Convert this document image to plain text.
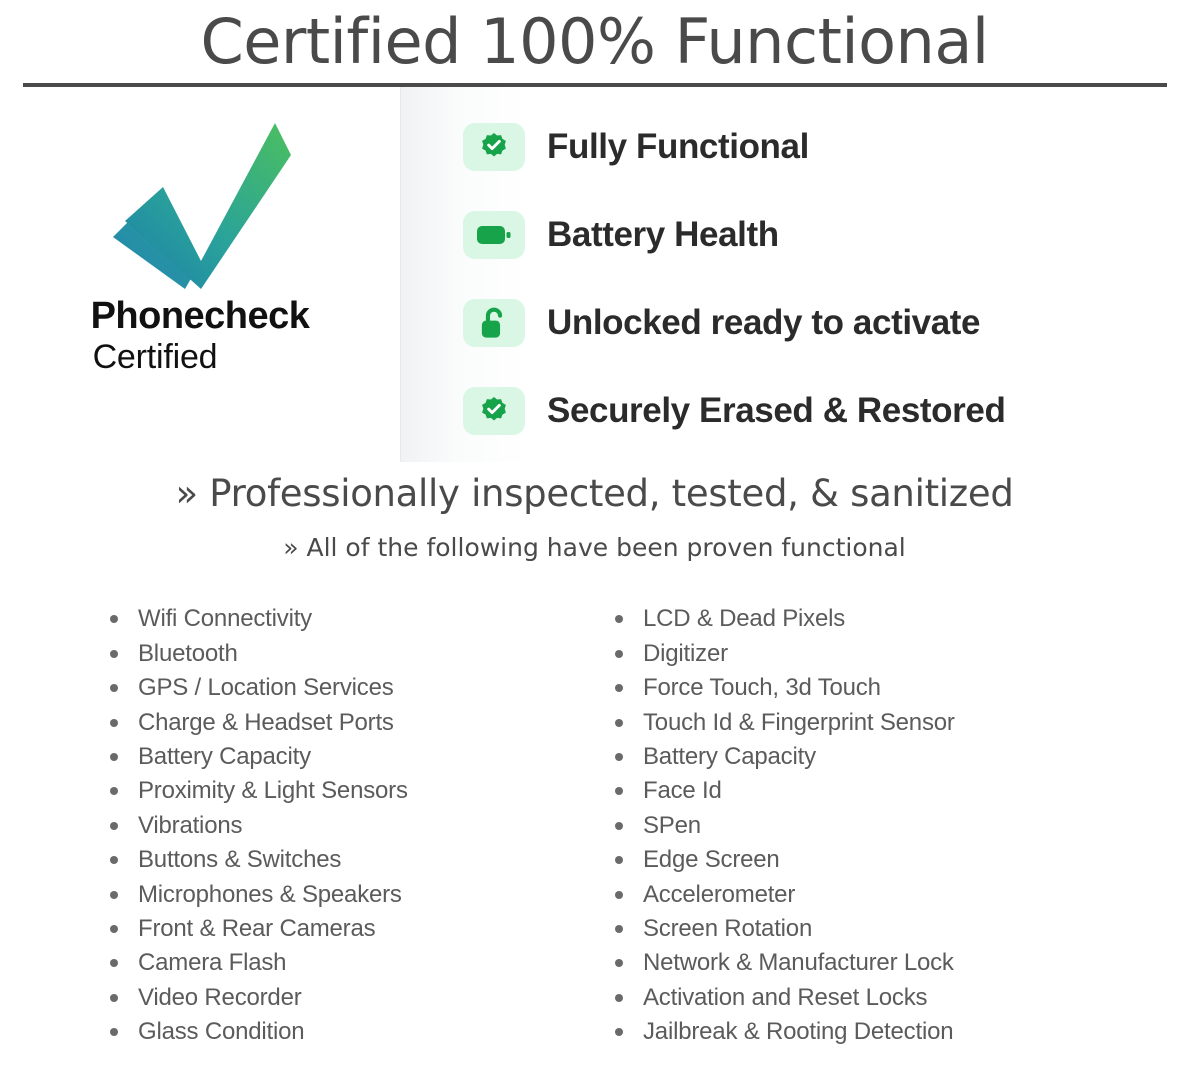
Certified 100% Functional
Phonecheck
Certified
Fully Functional
Battery Health
Unlocked ready to activate
Securely Erased & Restored
» Professionally inspected, tested, & sanitized
» All of the following have been proven functional
Wifi Connectivity
Bluetooth
GPS / Location Services
Charge & Headset Ports
Battery Capacity
Proximity & Light Sensors
Vibrations
Buttons & Switches
Microphones & Speakers
Front & Rear Cameras
Camera Flash
Video Recorder
Glass Condition
LCD & Dead Pixels
Digitizer
Force Touch, 3d Touch
Touch Id & Fingerprint Sensor
Battery Capacity
Face Id
SPen
Edge Screen
Accelerometer
Screen Rotation
Network & Manufacturer Lock
Activation and Reset Locks
Jailbreak & Rooting Detection
